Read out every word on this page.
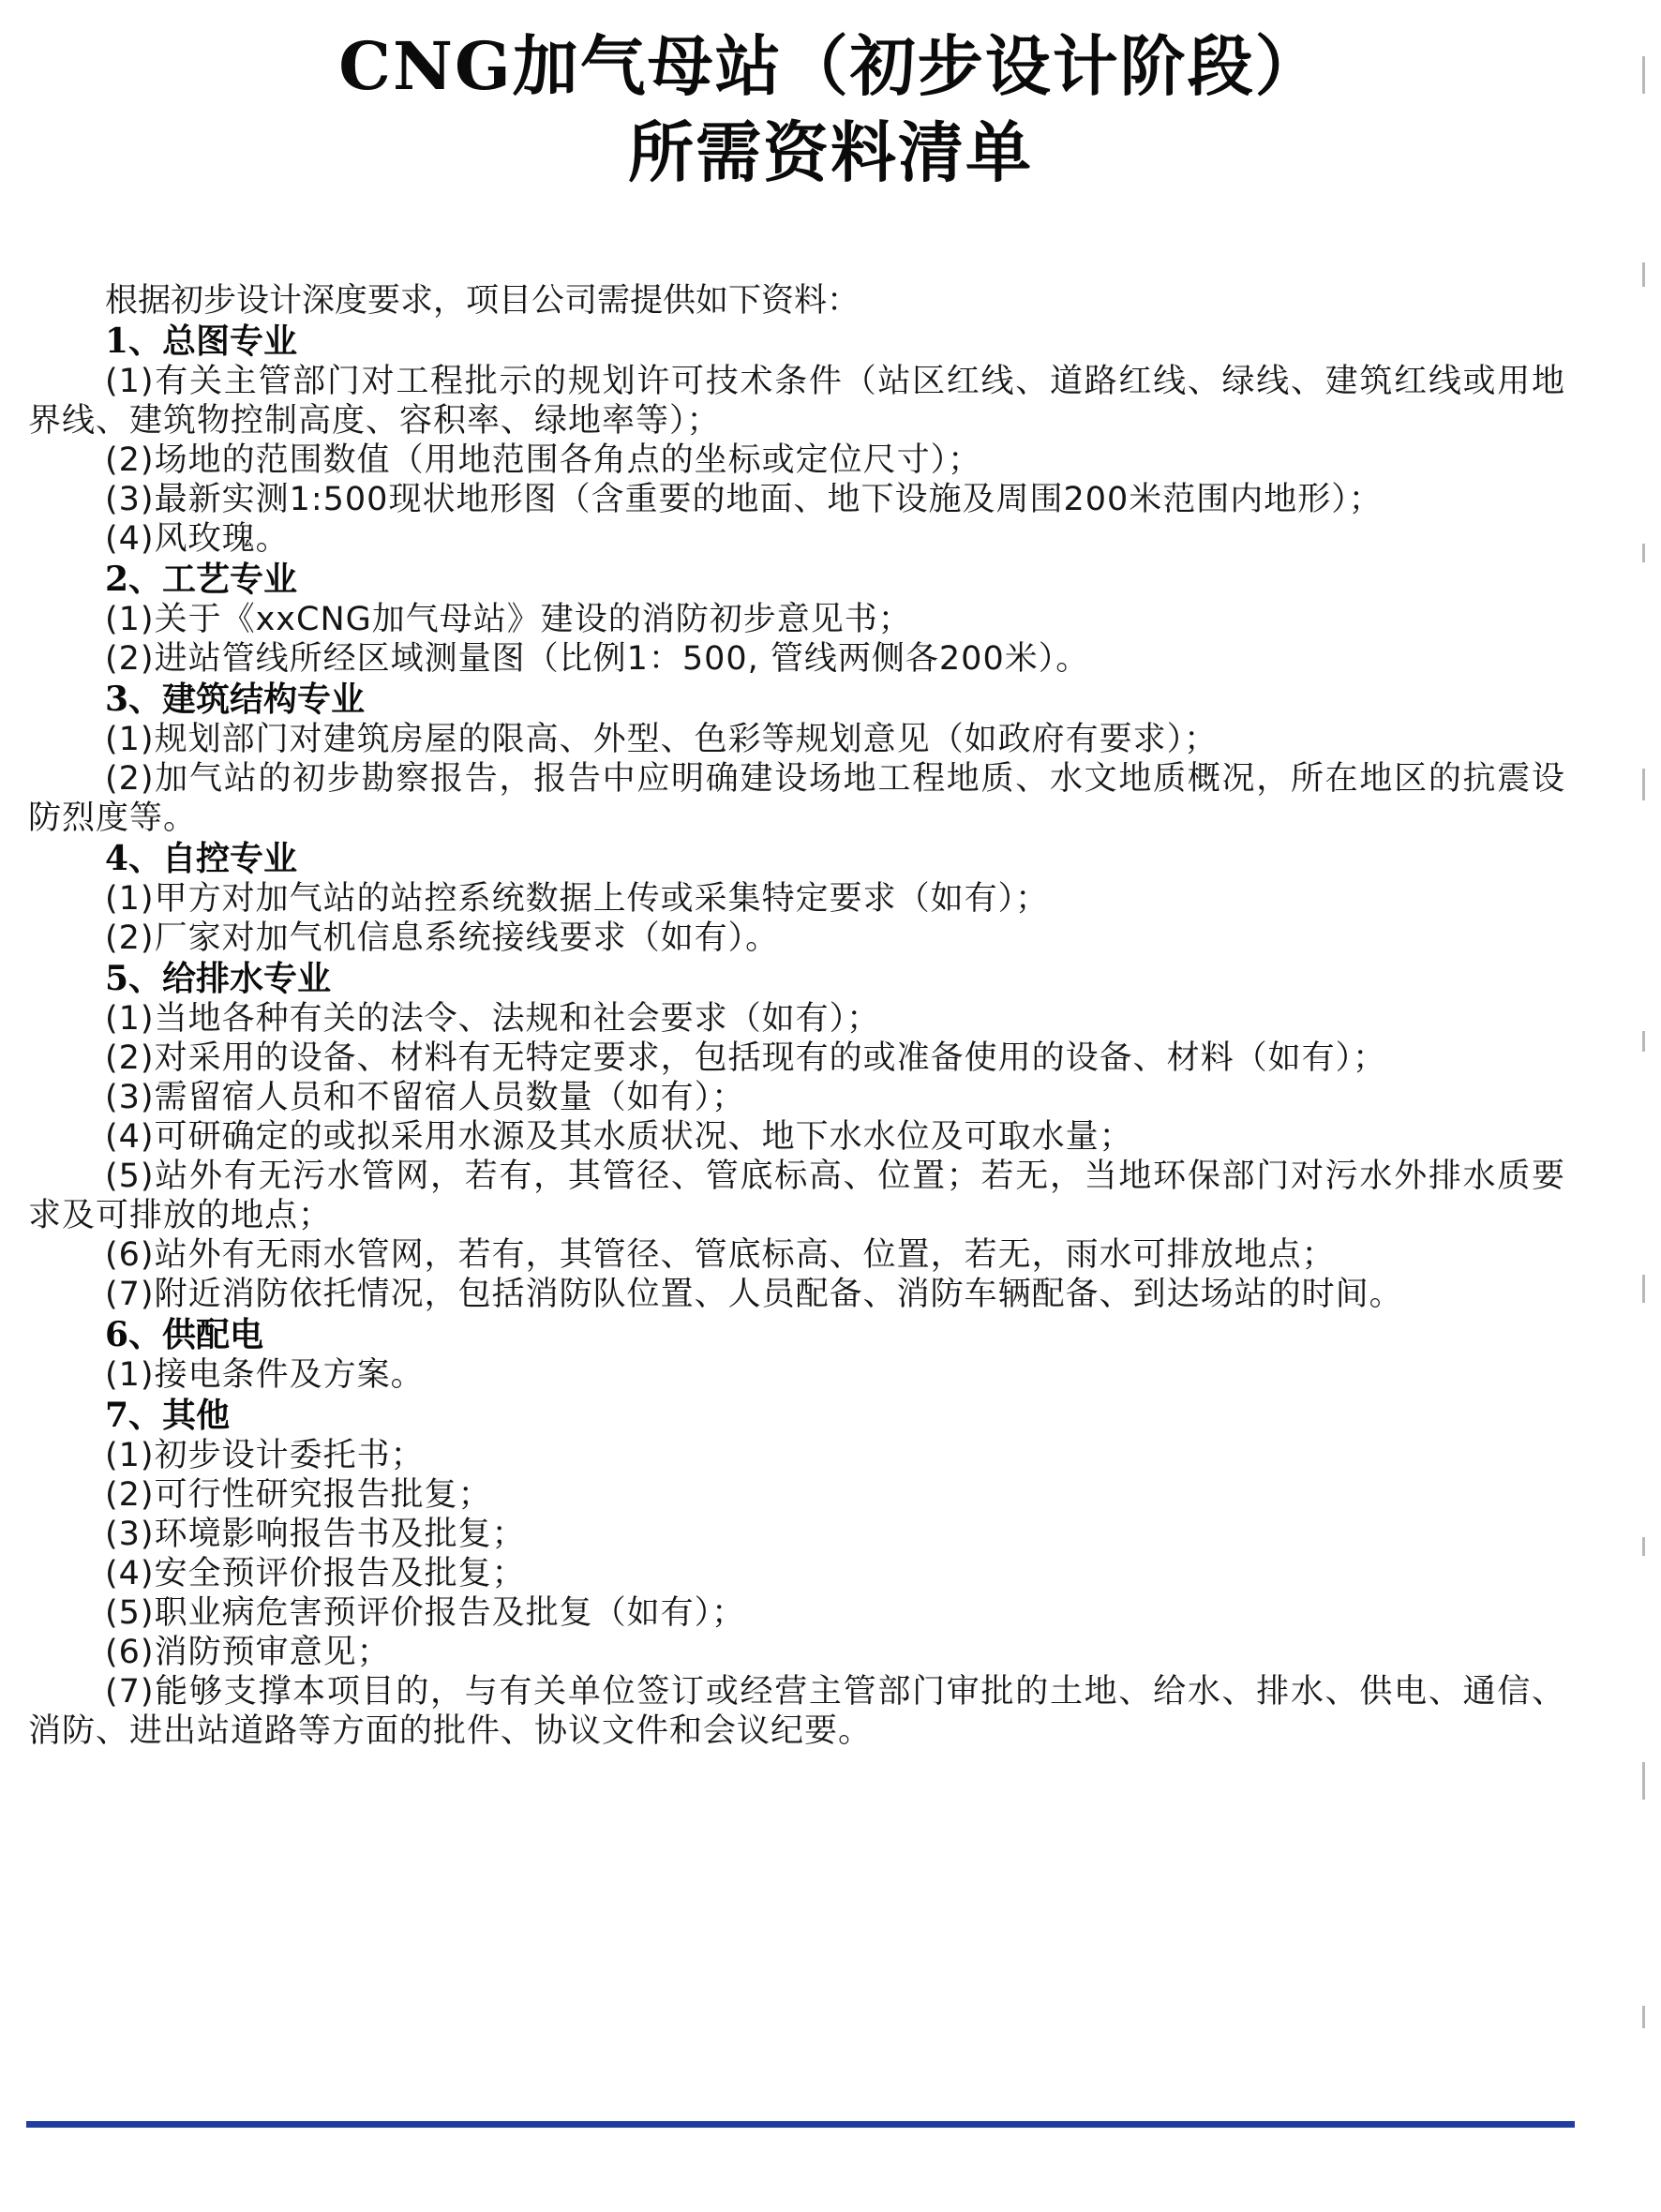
CNG加气母站（初步设计阶段）
所需资料清单

根据初步设计深度要求，项目公司需提供如下资料：

1、总图专业

(1)有关主管部门对工程批示的规划许可技术条件（站区红线、道路红线、绿线、建筑红线或用地界线、建筑物控制高度、容积率、绿地率等）；

(2)场地的范围数值（用地范围各角点的坐标或定位尺寸）；

(3)最新实测1:500现状地形图（含重要的地面、地下设施及周围200米范围内地形）；

(4)风玫瑰。

2、工艺专业

(1)关于《xxCNG加气母站》建设的消防初步意见书；

(2)进站管线所经区域测量图（比例1：500, 管线两侧各200米）。

3、建筑结构专业

(1)规划部门对建筑房屋的限高、外型、色彩等规划意见（如政府有要求）；

(2)加气站的初步勘察报告，报告中应明确建设场地工程地质、水文地质概况，所在地区的抗震设防烈度等。

4、自控专业

(1)甲方对加气站的站控系统数据上传或采集特定要求（如有）；

(2)厂家对加气机信息系统接线要求（如有）。

5、给排水专业

(1)当地各种有关的法令、法规和社会要求（如有）；

(2)对采用的设备、材料有无特定要求，包括现有的或准备使用的设备、材料（如有）；

(3)需留宿人员和不留宿人员数量（如有）；

(4)可研确定的或拟采用水源及其水质状况、地下水水位及可取水量；

(5)站外有无污水管网，若有，其管径、管底标高、位置；若无，当地环保部门对污水外排水质要求及可排放的地点；

(6)站外有无雨水管网，若有，其管径、管底标高、位置，若无，雨水可排放地点；

(7)附近消防依托情况，包括消防队位置、人员配备、消防车辆配备、到达场站的时间。

6、供配电

(1)接电条件及方案。

7、其他

(1)初步设计委托书；

(2)可行性研究报告批复；

(3)环境影响报告书及批复；

(4)安全预评价报告及批复；

(5)职业病危害预评价报告及批复（如有）；

(6)消防预审意见；

(7)能够支撑本项目的，与有关单位签订或经营主管部门审批的土地、给水、排水、供电、通信、消防、进出站道路等方面的批件、协议文件和会议纪要。
